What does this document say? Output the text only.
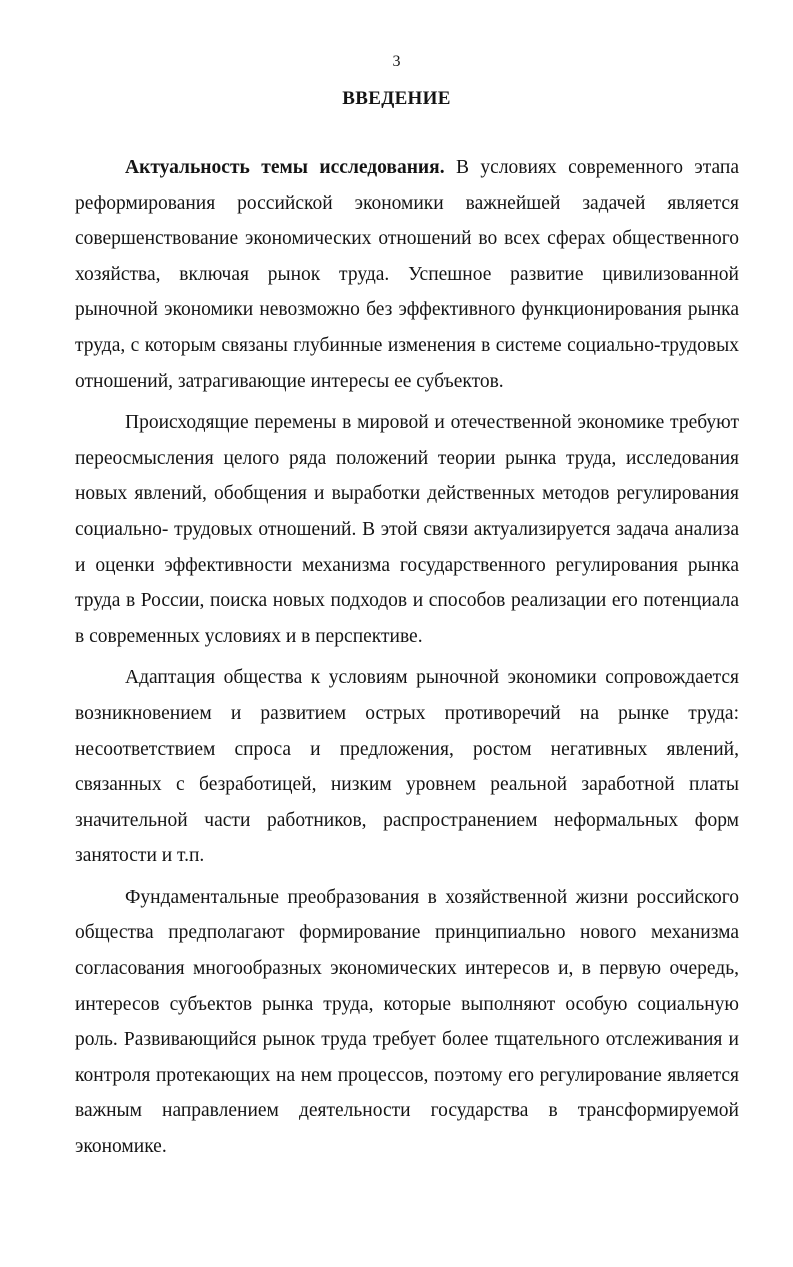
3
ВВЕДЕНИЕ

Актуальность темы исследования. В условиях современного этапа реформирования российской экономики важнейшей задачей является совершенствование экономических отношений во всех сферах общественного хозяйства, включая рынок труда. Успешное развитие цивилизованной рыночной экономики невозможно без эффективного функционирования рынка труда, с которым связаны глубинные изменения в системе социально-трудовых отношений, затрагивающие интересы ее субъектов.

Происходящие перемены в мировой и отечественной экономике требуют переосмысления целого ряда положений теории рынка труда, исследования новых явлений, обобщения и выработки действенных методов регулирования социально- трудовых отношений. В этой связи актуализируется задача анализа и оценки эффективности механизма государственного регулирования рынка труда в России, поиска новых подходов и способов реализации его потенциала в современных условиях и в перспективе.

Адаптация общества к условиям рыночной экономики сопровождается возникновением и развитием острых противоречий на рынке труда: несоответствием спроса и предложения, ростом негативных явлений, связанных с безработицей, низким уровнем реальной заработной платы значительной части работников, распространением неформальных форм занятости и т.п.

Фундаментальные преобразования в хозяйственной жизни российского общества предполагают формирование принципиально нового механизма согласования многообразных экономических интересов и, в первую очередь, интересов субъектов рынка труда, которые выполняют особую социальную роль. Развивающийся рынок труда требует более тщательного отслеживания и контроля протекающих на нем процессов, поэтому его регулирование является важным направлением деятельности государства в трансформируемой экономике.
